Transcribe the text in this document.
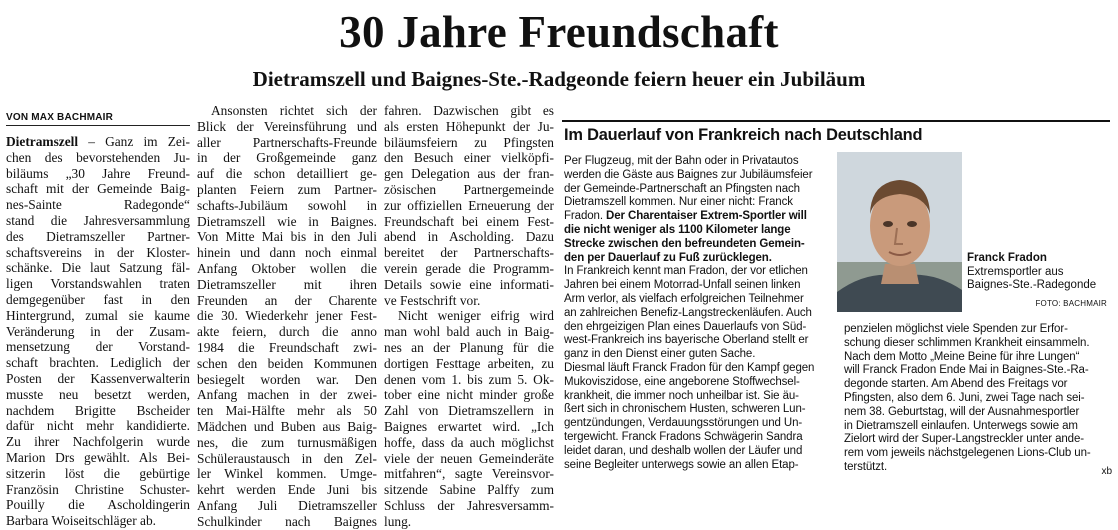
30 Jahre Freundschaft
Dietramszell und Baignes-Ste.-Radgeonde feiern heuer ein Jubiläum
VON MAX BACHMAIR
Dietramszell – Ganz im Zei-
chen des bevorstehenden Ju-
biläums „30 Jahre Freund-
schaft mit der Gemeinde Baig-
nes-Sainte Radegonde“
stand die Jahresversammlung
des Dietramszeller Partner-
schaftsvereins in der Kloster-
schänke. Die laut Satzung fäl-
ligen Vorstandswahlen traten
demgegenüber fast in den
Hintergrund, zumal sie kaume
Veränderung in der Zusam-
mensetzung der Vorstand-
schaft brachten. Lediglich der
Posten der Kassenverwalterin
musste neu besetzt werden,
nachdem Brigitte Bscheider
dafür nicht mehr kandidierte.
Zu ihrer Nachfolgerin wurde
Marion Drs gewählt. Als Bei-
sitzerin löst die gebürtige
Französin Christine Schuster-
Pouilly die Ascholdingerin
Barbara Woiseitschläger ab.
Ansonsten richtet sich der
Blick der Vereinsführung und
aller Partnerschafts-Freunde
in der Großgemeinde ganz
auf die schon detailliert ge-
planten Feiern zum Partner-
schafts-Jubiläum sowohl in
Dietramszell wie in Baignes.
Von Mitte Mai bis in den Juli
hinein und dann noch einmal
Anfang Oktober wollen die
Dietramszeller mit ihren
Freunden an der Charente
die 30. Wiederkehr jener Fest-
akte feiern, durch die anno
1984 die Freundschaft zwi-
schen den beiden Kommunen
besiegelt worden war. Den
Anfang machen in der zwei-
ten Mai-Hälfte mehr als 50
Mädchen und Buben aus Baig-
nes, die zum turnusmäßigen
Schüleraustausch in den Zel-
ler Winkel kommen. Umge-
kehrt werden Ende Juni bis
Anfang Juli Dietramszeller
Schulkinder nach Baignes
fahren. Dazwischen gibt es
als ersten Höhepunkt der Ju-
biläumsfeiern zu Pfingsten
den Besuch einer vielköpfi-
gen Delegation aus der fran-
zösischen Partnergemeinde
zur offiziellen Erneuerung der
Freundschaft bei einem Fest-
abend in Ascholding. Dazu
bereitet der Partnerschafts-
verein gerade die Programm-
Details sowie eine informati-
ve Festschrift vor.
Nicht weniger eifrig wird
man wohl bald auch in Baig-
nes an der Planung für die
dortigen Festtage arbeiten, zu
denen vom 1. bis zum 5. Ok-
tober eine nicht minder große
Zahl von Dietramszellern in
Baignes erwartet wird. „Ich
hoffe, dass da auch möglichst
viele der neuen Gemeinderäte
mitfahren“, sagte Vereinsvor-
sitzende Sabine Palffy zum
Schluss der Jahresversamm-
lung.
Im Dauerlauf von Frankreich nach Deutschland
Per Flugzeug, mit der Bahn oder in Privatautos
werden die Gäste aus Baignes zur Jubiläumsfeier
der Gemeinde-Partnerschaft an Pfingsten nach
Dietramszell kommen. Nur einer nicht: Franck
Fradon. Der Charentaiser Extrem-Sportler will
die nicht weniger als 1100 Kilometer lange
Strecke zwischen den befreundeten Gemein-
den per Dauerlauf zu Fuß zurücklegen.
In Frankreich kennt man Fradon, der vor etlichen
Jahren bei einem Motorrad-Unfall seinen linken
Arm verlor, als vielfach erfolgreichen Teilnehmer
an zahlreichen Benefiz-Langstreckenläufen. Auch
den ehrgeizigen Plan eines Dauerlaufs von Süd-
west-Frankreich ins bayerische Oberland stellt er
ganz in den Dienst einer guten Sache.
Diesmal läuft Franck Fradon für den Kampf gegen
Mukoviszidose, eine angeborene Stoffwechsel-
krankheit, die immer noch unheilbar ist. Sie äu-
ßert sich in chronischem Husten, schweren Lun-
gentzündungen, Verdauungsstörungen und Un-
tergewicht. Franck Fradons Schwägerin Sandra
leidet daran, und deshalb wollen der Läufer und
seine Begleiter unterwegs sowie an allen Etap-
Franck Fradon
Extremsportler aus
Baignes-Ste.-Radegonde
FOTO: BACHMAIR
penzielen möglichst viele Spenden zur Erfor-
schung dieser schlimmen Krankheit einsammeln.
Nach dem Motto „Meine Beine für ihre Lungen“
will Franck Fradon Ende Mai in Baignes-Ste.-Ra-
degonde starten. Am Abend des Freitags vor
Pfingsten, also dem 6. Juni, zwei Tage nach sei-
nem 38. Geburtstag, will der Ausnahmesportler
in Dietramszell einlaufen. Unterwegs sowie am
Zielort wird der Super-Langstreckler unter ande-
rem vom jeweils nächstgelegenen Lions-Club un-
terstützt.	xb
